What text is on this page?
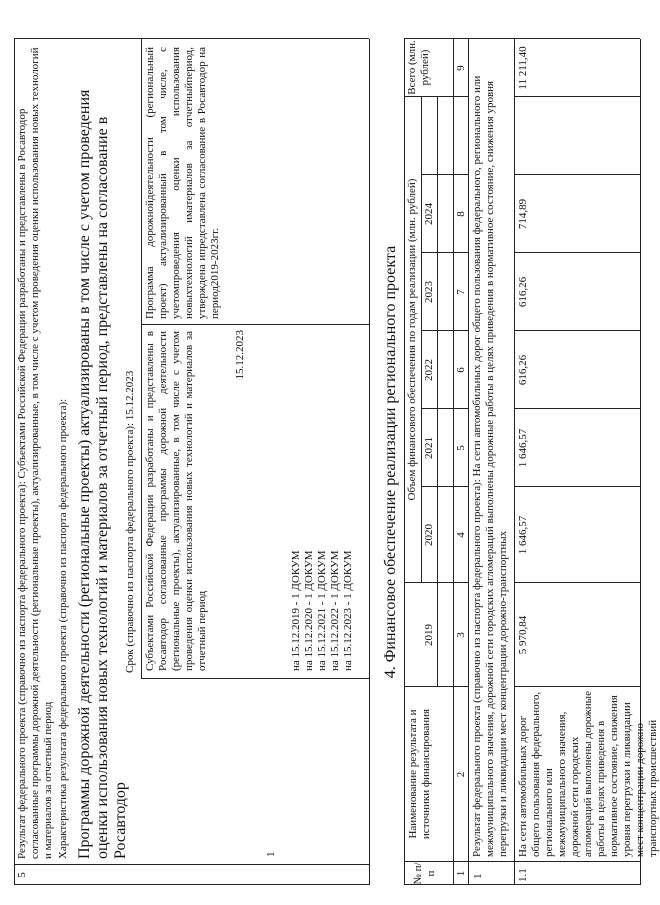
5
Результат федерального проекта (справочно из паспорта федерального проекта): Субъектами Российской Федерации разработаны и представлены в Росавтодор согласованные программы дорожной деятельности (региональные проекты), актуализированные, в том числе с учетом проведения оценки использования новых технологий и материалов за отчетный период Характеристика результата федерального проекта (справочно из паспорта федерального проекта): Программы дорожной деятельности (региональные проекты) актуализированы в том числе с учетом проведения оценки использования новых технологий и материалов за отчетный период, представлены на согласование в Росавтодор
Срок (справочно из паспорта федерального проекта): 15.12.2023
1
Субъектами Российской Федерации разработаны и представлены в Росавтодор согласованные программы дорожной деятельности (региональные проекты), актуализированные, в том числе с учетом проведения оценки использования новых технологий и материалов за отчетный период
15.12.2023
на 15.12.2019 - 1 ДОКУМ на 15.12.2020 - 1 ДОКУМ на 15.12.2021 - 1 ДОКУМ на 15.12.2022 - 1 ДОКУМ на 15.12.2023 - 1 ДОКУМ
Программа дорожнойдеятельности (региональный проект) актуализированный в том числе, с учетомпроведения оценки использования новыхтехнологий иматериалов за отчетныйпериод, утверждена ипредставлена согласование в Росавтодор на период2019-2023гг.	4. Финансовое обеспечение реализации регионального проекта
№ п/п
Наименование результата и источники финансирования
Объем финансового обеспечения по годам реализации (млн. рублей)
Всего (млн. рублей)
2019
2020
2021
2022
2023
2024
1
2
3
4
5
6
7
8
9
1
Результат федерального проекта (справочно из паспорта федерального проекта): На сети автомобильных дорог общего пользования федерального, регионального или межмуниципального значения, дорожной сети городских агломераций выполнены дорожные работы в целях приведения в нормативное состояние, снижения уровня перегрузки и ликвидации мест концентрации дорожно-транспортных
1.1
На сети автомобильных дорог общего пользования федерального, регионального или межмуниципального значения, дорожной сети городских агломераций выполнены дорожные работы в целях приведения в нормативное состояние, снижения уровня перегрузки и ликвидации мест концентрации дорожно-транспортных происшествий
5 970,84
1 646,57
1 646,57
616,26
616,26
714,89
11 211,40
